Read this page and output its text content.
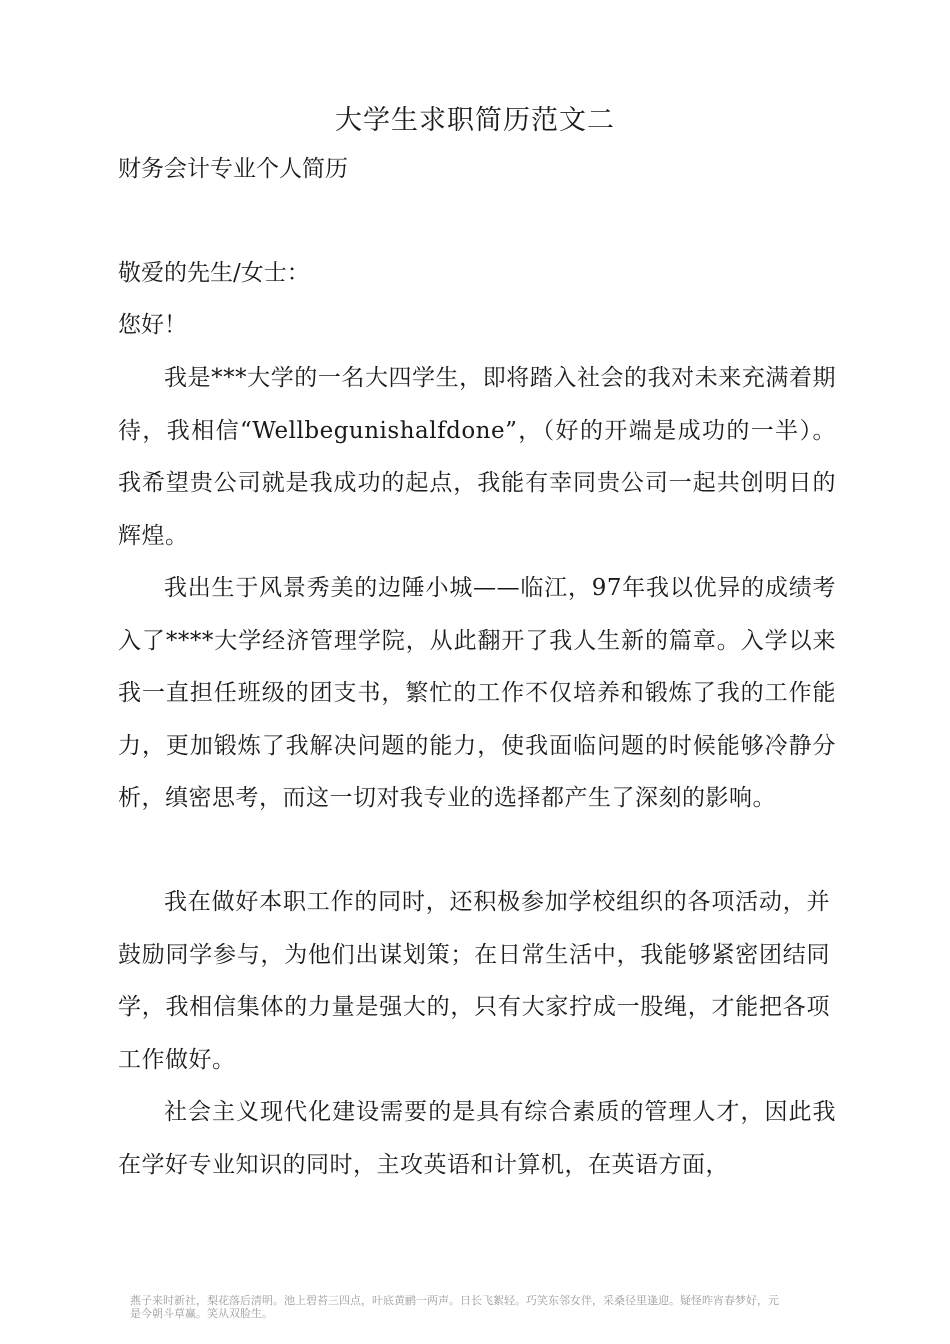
大学生求职简历范文二
财务会计专业个人简历
敬爱的先生/女士：
您好！
我是***大学的一名大四学生，即将踏入社会的我对未来充满着期待，我相信“Wellbegunishalfdone”，（好的开端是成功的一半）。我希望贵公司就是我成功的起点，我能有幸同贵公司一起共创明日的辉煌。
我出生于风景秀美的边陲小城——临江，97年我以优异的成绩考入了****大学经济管理学院，从此翻开了我人生新的篇章。入学以来我一直担任班级的团支书，繁忙的工作不仅培养和锻炼了我的工作能力，更加锻炼了我解决问题的能力，使我面临问题的时候能够冷静分析，缜密思考，而这一切对我专业的选择都产生了深刻的影响。
我在做好本职工作的同时，还积极参加学校组织的各项活动，并鼓励同学参与，为他们出谋划策；在日常生活中，我能够紧密团结同学，我相信集体的力量是强大的，只有大家拧成一股绳，才能把各项工作做好。
社会主义现代化建设需要的是具有综合素质的管理人才，因此我在学好专业知识的同时，主攻英语和计算机，在英语方面，
燕子来时新社，梨花落后清明。池上碧苔三四点，叶底黄鹂一两声。日长飞絮轻。巧笑东邻女伴，采桑径里逢迎。疑怪昨宵春梦好，元
是今朝斗草赢。笑从双脸生。
